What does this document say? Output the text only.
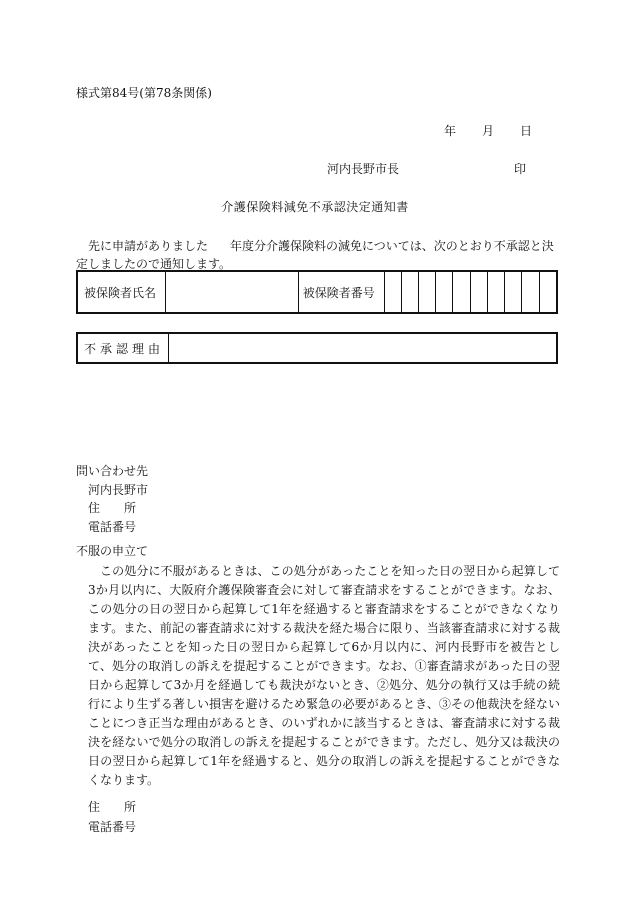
様式第84号(第78条関係)
年 月 日
河内長野市長	印
介護保険料減免不承認決定通知書
先に申請がありました 年度分介護保険料の減免については、次のとおり不承認と決定しましたので通知します。
被保険者氏名		被保険者番号										
不承認理由	
問い合わせ先
河内長野市
住　　所
電話番号
不服の申立て
この処分に不服があるときは、この処分があったことを知った日の翌日から起算して3か月以内に、大阪府介護保険審査会に対して審査請求をすることができます。なお、この処分の日の翌日から起算して1年を経過すると審査請求をすることができなくなります。また、前記の審査請求に対する裁決を経た場合に限り、当該審査請求に対する裁決があったことを知った日の翌日から起算して6か月以内に、河内長野市を被告として、処分の取消しの訴えを提起することができます。なお、①審査請求があった日の翌日から起算して3か月を経過しても裁決がないとき、②処分、処分の執行又は手続の続行により生ずる著しい損害を避けるため緊急の必要があるとき、③その他裁決を経ないことにつき正当な理由があるとき、のいずれかに該当するときは、審査請求に対する裁決を経ないで処分の取消しの訴えを提起することができます。ただし、処分又は裁決の日の翌日から起算して1年を経過すると、処分の取消しの訴えを提起することができなくなります。
住　　所
電話番号
